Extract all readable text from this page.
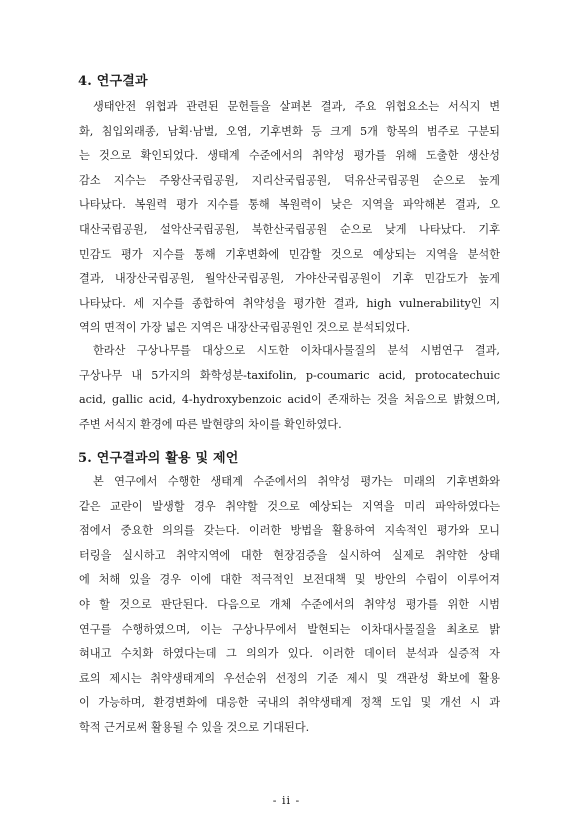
4. 연구결과
생태안전 위협과 관련된 문헌들을 살펴본 결과, 주요 위협요소는 서식지 변
화, 침입외래종, 남획·남벌, 오염, 기후변화 등 크게 5개 항목의 범주로 구분되
는 것으로 확인되었다. 생태계 수준에서의 취약성 평가를 위해 도출한 생산성
감소 지수는 주왕산국립공원, 지리산국립공원, 덕유산국립공원 순으로 높게
나타났다. 복원력 평가 지수를 통해 복원력이 낮은 지역을 파악해본 결과, 오
대산국립공원, 설악산국립공원, 북한산국립공원 순으로 낮게 나타났다. 기후
민감도 평가 지수를 통해 기후변화에 민감할 것으로 예상되는 지역을 분석한
결과, 내장산국립공원, 월악산국립공원, 가야산국립공원이 기후 민감도가 높게
나타났다. 세 지수를 종합하여 취약성을 평가한 결과, high vulnerability인 지
역의 면적이 가장 넓은 지역은 내장산국립공원인 것으로 분석되었다.
한라산 구상나무를 대상으로 시도한 이차대사물질의 분석 시범연구 결과,
구상나무 내 5가지의 화학성분-taxifolin, p-coumaric acid, protocatechuic
acid, gallic acid, 4-hydroxybenzoic acid이 존재하는 것을 처음으로 밝혔으며,
주변 서식지 환경에 따른 발현량의 차이를 확인하였다.
5. 연구결과의 활용 및 제언
본 연구에서 수행한 생태계 수준에서의 취약성 평가는 미래의 기후변화와
같은 교란이 발생할 경우 취약할 것으로 예상되는 지역을 미리 파악하였다는
점에서 중요한 의의를 갖는다. 이러한 방법을 활용하여 지속적인 평가와 모니
터링을 실시하고 취약지역에 대한 현장검증을 실시하여 실제로 취약한 상태
에 처해 있을 경우 이에 대한 적극적인 보전대책 및 방안의 수립이 이루어져
야 할 것으로 판단된다. 다음으로 개체 수준에서의 취약성 평가를 위한 시범
연구를 수행하였으며, 이는 구상나무에서 발현되는 이차대사물질을 최초로 밝
혀내고 수치화 하였다는데 그 의의가 있다. 이러한 데이터 분석과 실증적 자
료의 제시는 취약생태계의 우선순위 선정의 기준 제시 및 객관성 확보에 활용
이 가능하며, 환경변화에 대응한 국내의 취약생태계 정책 도입 및 개선 시 과
학적 근거로써 활용될 수 있을 것으로 기대된다.
- ii -
